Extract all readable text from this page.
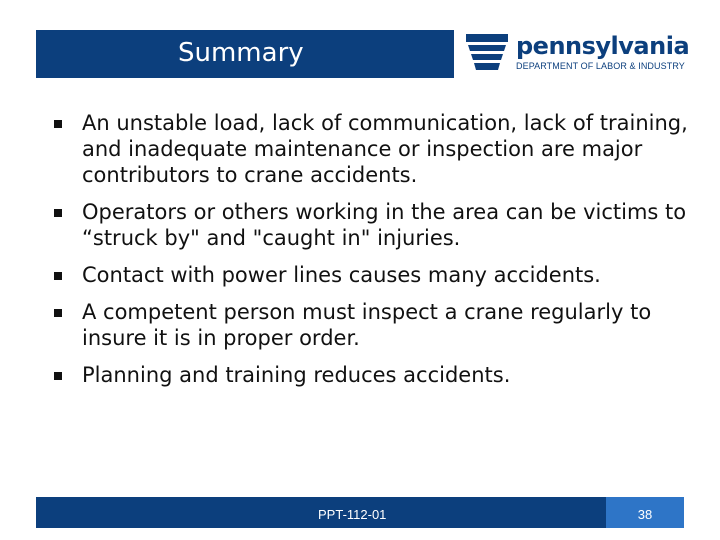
Summary	pennsylvania
DEPARTMENT OF LABOR & INDUSTRY
An unstable load, lack of communication, lack of training, and inadequate maintenance or inspection are major contributors to crane accidents.
Operators or others working in the area can be victims to “struck by" and "caught in" injuries.
Contact with power lines causes many accidents.
A competent person must inspect a crane regularly to insure it is in proper order.
Planning and training reduces accidents.
PPT-112-01	38
